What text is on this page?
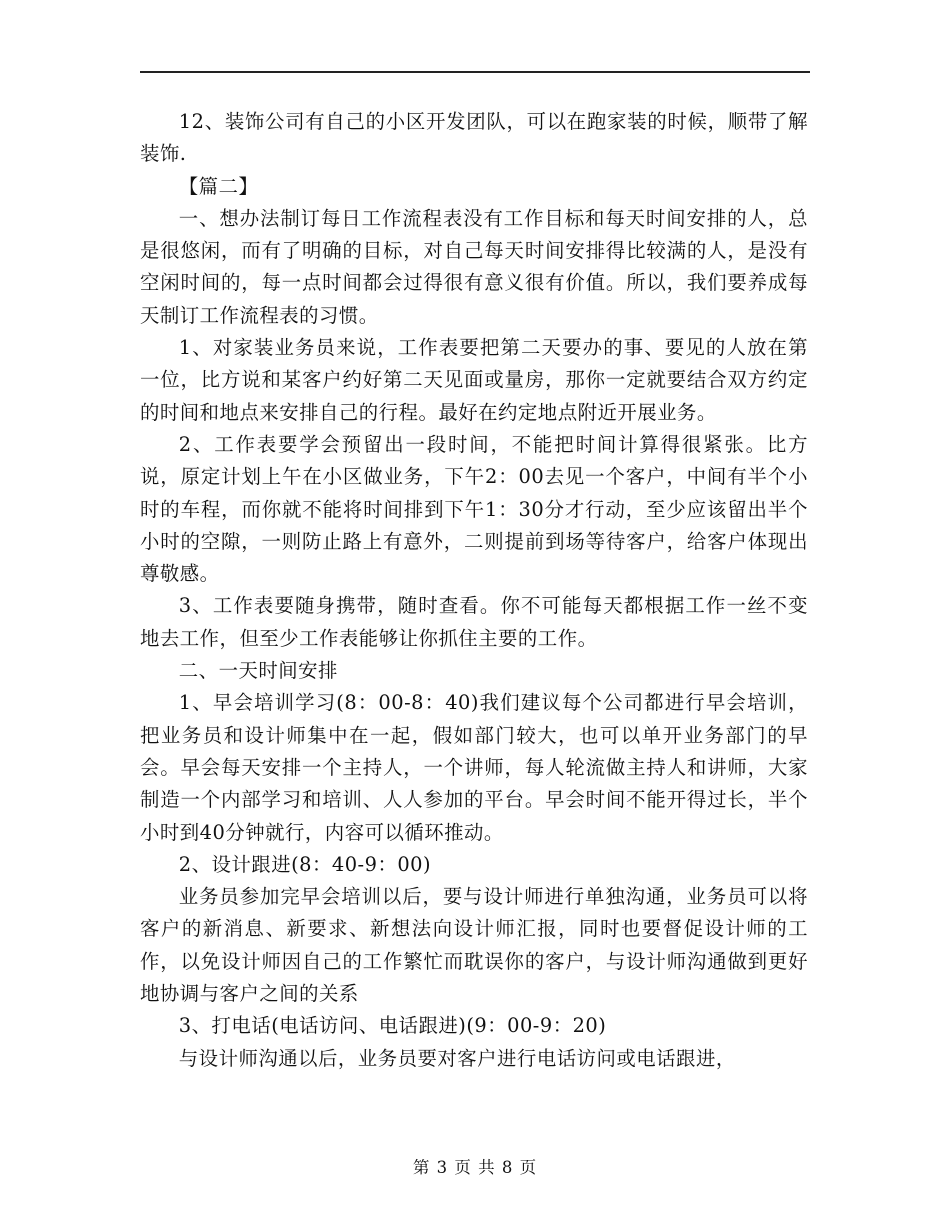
12、装饰公司有自己的小区开发团队，可以在跑家装的时候，顺带了解装饰.

【篇二】

一、想办法制订每日工作流程表没有工作目标和每天时间安排的人，总是很悠闲，而有了明确的目标，对自己每天时间安排得比较满的人，是没有空闲时间的，每一点时间都会过得很有意义很有价值。所以，我们要养成每天制订工作流程表的习惯。

1、对家装业务员来说，工作表要把第二天要办的事、要见的人放在第一位，比方说和某客户约好第二天见面或量房，那你一定就要结合双方约定的时间和地点来安排自己的行程。最好在约定地点附近开展业务。

2、工作表要学会预留出一段时间，不能把时间计算得很紧张。比方说，原定计划上午在小区做业务，下午2：00去见一个客户，中间有半个小时的车程，而你就不能将时间排到下午1：30分才行动，至少应该留出半个小时的空隙，一则防止路上有意外，二则提前到场等待客户，给客户体现出尊敬感。

3、工作表要随身携带，随时查看。你不可能每天都根据工作一丝不变地去工作，但至少工作表能够让你抓住主要的工作。

二、一天时间安排

1、早会培训学习(8：00-8：40)我们建议每个公司都进行早会培训，把业务员和设计师集中在一起，假如部门较大，也可以单开业务部门的早会。早会每天安排一个主持人，一个讲师，每人轮流做主持人和讲师，大家制造一个内部学习和培训、人人参加的平台。早会时间不能开得过长，半个小时到40分钟就行，内容可以循环推动。

2、设计跟进(8：40-9：00)

业务员参加完早会培训以后，要与设计师进行单独沟通，业务员可以将客户的新消息、新要求、新想法向设计师汇报，同时也要督促设计师的工作，以免设计师因自己的工作繁忙而耽误你的客户，与设计师沟通做到更好地协调与客户之间的关系

3、打电话(电话访问、电话跟进)(9：00-9：20)

与设计师沟通以后，业务员要对客户进行电话访问或电话跟进，

第 3 页 共 8 页
